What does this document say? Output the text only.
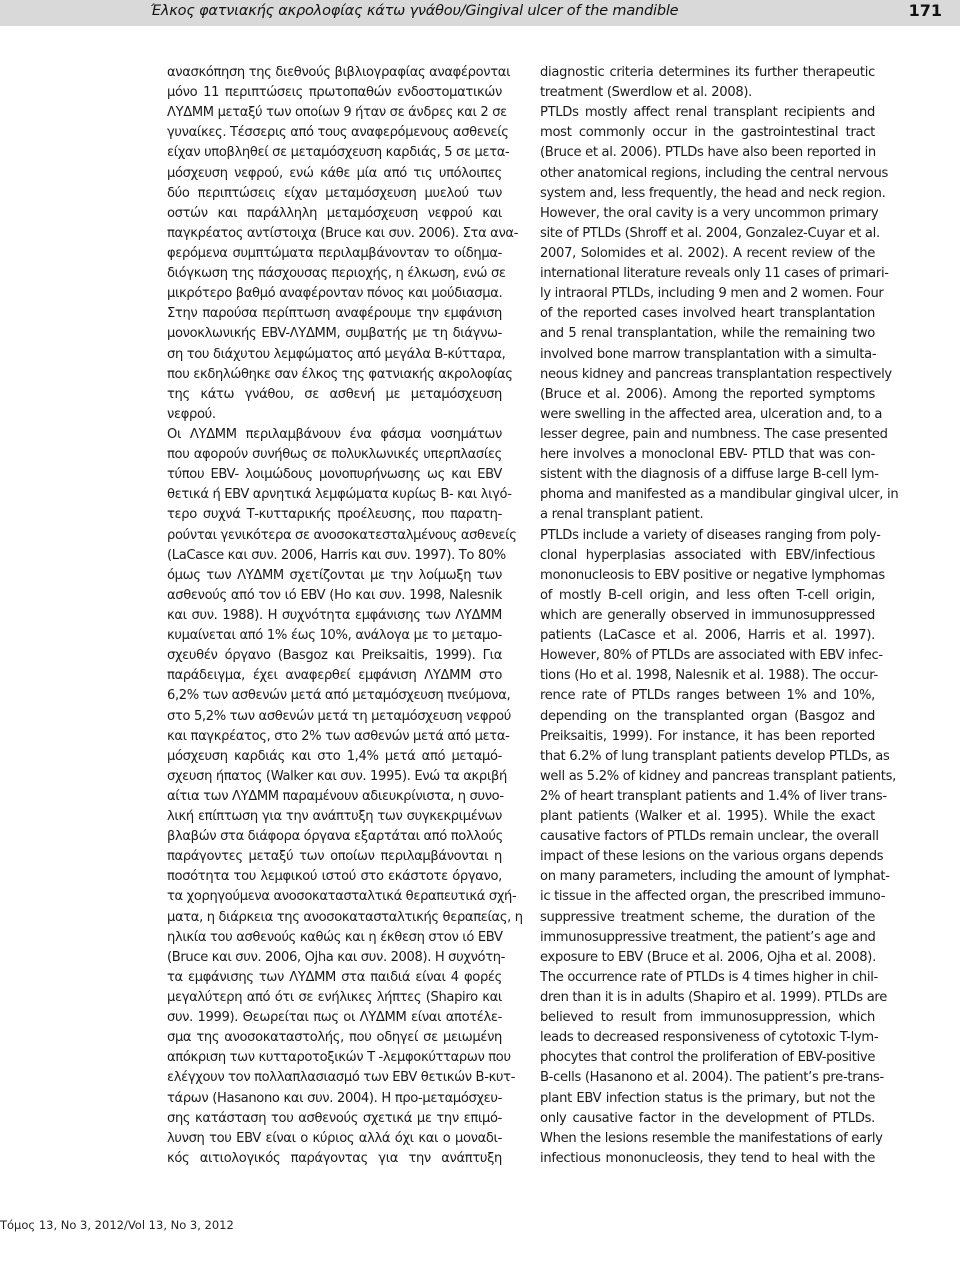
Έλκος φατνιακής ακρολοφίας κάτω γνάθου/Gingival ulcer of the mandible	171
ανασκόπηση της διεθνούς βιβλιογραφίας αναφέρονται
μόνο 11 περιπτώσεις πρωτοπαθών ενδοστοματικών
ΛΥΔΜΜ μεταξύ των οποίων 9 ήταν σε άνδρες και 2 σε
γυναίκες. Τέσσερις από τους αναφερόμενους ασθενείς
είχαν υποβληθεί σε μεταμόσχευση καρδιάς, 5 σε μετα-
μόσχευση νεφρού, ενώ κάθε μία από τις υπόλοιπες
δύο περιπτώσεις είχαν μεταμόσχευση μυελού των
οστών και παράλληλη μεταμόσχευση νεφρού και
παγκρέατος αντίστοιχα (Bruce και συν. 2006). Στα ανα-
φερόμενα συμπτώματα περιλαμβάνονταν το οίδημα-
διόγκωση της πάσχουσας περιοχής, η έλκωση, ενώ σε
μικρότερο βαθμό αναφέρονταν πόνος και μούδιασμα.
Στην παρούσα περίπτωση αναφέρουμε την εμφάνιση
μονοκλωνικής EBV-ΛΥΔΜΜ, συμβατής με τη διάγνω-
ση του διάχυτου λεμφώματος από μεγάλα Β-κύτταρα,
που εκδηλώθηκε σαν έλκος της φατνιακής ακρολοφίας
της κάτω γνάθου, σε ασθενή με μεταμόσχευση
νεφρού.
Οι ΛΥΔΜΜ περιλαμβάνουν ένα φάσμα νοσημάτων
που αφορούν συνήθως σε πολυκλωνικές υπερπλασίες
τύπου EBV- λοιμώδους μονοπυρήνωσης ως και EBV
θετικά ή EBV αρνητικά λεμφώματα κυρίως Β- και λιγό-
τερο συχνά Τ-κυτταρικής προέλευσης, που παρατη-
ρούνται γενικότερα σε ανοσοκατεσταλμένους ασθενείς
(LaCasce και συν. 2006, Harris και συν. 1997). Το 80%
όμως των ΛΥΔΜΜ σχετίζονται με την λοίμωξη των
ασθενούς από τον ιό EBV (Ho και συν. 1998, Nalesnik
και συν. 1988). Η συχνότητα εμφάνισης των ΛΥΔΜΜ
κυμαίνεται από 1% έως 10%, ανάλογα με το μεταμο-
σχευθέν όργανο (Basgoz και Preiksaitis, 1999). Για
παράδειγμα, έχει αναφερθεί εμφάνιση ΛΥΔΜΜ στο
6,2% των ασθενών μετά από μεταμόσχευση πνεύμονα,
στο 5,2% των ασθενών μετά τη μεταμόσχευση νεφρού
και παγκρέατος, στο 2% των ασθενών μετά από μετα-
μόσχευση καρδιάς και στο 1,4% μετά από μεταμό-
σχευση ήπατος (Walker και συν. 1995). Ενώ τα ακριβή
αίτια των ΛΥΔΜΜ παραμένουν αδιευκρίνιστα, η συνο-
λική επίπτωση για την ανάπτυξη των συγκεκριμένων
βλαβών στα διάφορα όργανα εξαρτάται από πολλούς
παράγοντες μεταξύ των οποίων περιλαμβάνονται η
ποσότητα του λεμφικού ιστού στο εκάστοτε όργανο,
τα χορηγούμενα ανοσοκατασταλτικά θεραπευτικά σχή-
ματα, η διάρκεια της ανοσοκατασταλτικής θεραπείας, η
ηλικία του ασθενούς καθώς και η έκθεση στον ιό EBV
(Bruce και συν. 2006, Ojha και συν. 2008). Η συχνότη-
τα εμφάνισης των ΛΥΔΜΜ στα παιδιά είναι 4 φορές
μεγαλύτερη από ότι σε ενήλικες λήπτες (Shapiro και
συν. 1999). Θεωρείται πως οι ΛΥΔΜΜ είναι αποτέλε-
σμα της ανοσοκαταστολής, που οδηγεί σε μειωμένη
απόκριση των κυτταροτοξικών Τ -λεμφοκύτταρων που
ελέγχουν τον πολλαπλασιασμό των EBV θετικών Β-κυτ-
τάρων (Hasanono και συν. 2004). Η προ-μεταμόσχευ-
σης κατάσταση του ασθενούς σχετικά με την επιμό-
λυνση του EBV είναι ο κύριος αλλά όχι και ο μοναδι-
κός αιτιολογικός παράγοντας για την ανάπτυξη
diagnostic criteria determines its further therapeutic
treatment (Swerdlow et al. 2008).
PTLDs mostly affect renal transplant recipients and
most commonly occur in the gastrointestinal tract
(Bruce et al. 2006). PTLDs have also been reported in
other anatomical regions, including the central nervous
system and, less frequently, the head and neck region.
However, the oral cavity is a very uncommon primary
site of PTLDs (Shroff et al. 2004, Gonzalez-Cuyar et al.
2007, Solomides et al. 2002). A recent review of the
international literature reveals only 11 cases of primari-
ly intraoral PTLDs, including 9 men and 2 women. Four
of the reported cases involved heart transplantation
and 5 renal transplantation, while the remaining two
involved bone marrow transplantation with a simulta-
neous kidney and pancreas transplantation respectively
(Bruce et al. 2006). Among the reported symptoms
were swelling in the affected area, ulceration and, to a
lesser degree, pain and numbness. The case presented
here involves a monoclonal EBV- PTLD that was con-
sistent with the diagnosis of a diffuse large B-cell lym-
phoma and manifested as a mandibular gingival ulcer, in
a renal transplant patient.
PTLDs include a variety of diseases ranging from poly-
clonal hyperplasias associated with EBV/infectious
mononucleosis to EBV positive or negative lymphomas
of mostly B-cell origin, and less often T-cell origin,
which are generally observed in immunosuppressed
patients (LaCasce et al. 2006, Harris et al. 1997).
However, 80% of PTLDs are associated with EBV infec-
tions (Ho et al. 1998, Nalesnik et al. 1988). The occur-
rence rate of PTLDs ranges between 1% and 10%,
depending on the transplanted organ (Basgoz and
Preiksaitis, 1999). For instance, it has been reported
that 6.2% of lung transplant patients develop PTLDs, as
well as 5.2% of kidney and pancreas transplant patients,
2% of heart transplant patients and 1.4% of liver trans-
plant patients (Walker et al. 1995). While the exact
causative factors of PTLDs remain unclear, the overall
impact of these lesions on the various organs depends
on many parameters, including the amount of lymphat-
ic tissue in the affected organ, the prescribed immuno-
suppressive treatment scheme, the duration of the
immunosuppressive treatment, the patient’s age and
exposure to EBV (Bruce et al. 2006, Ojha et al. 2008).
The occurrence rate of PTLDs is 4 times higher in chil-
dren than it is in adults (Shapiro et al. 1999). PTLDs are
believed to result from immunosuppression, which
leads to decreased responsiveness of cytotoxic T-lym-
phocytes that control the proliferation of EBV-positive
B-cells (Hasanono et al. 2004). The patient’s pre-trans-
plant EBV infection status is the primary, but not the
only causative factor in the development of PTLDs.
When the lesions resemble the manifestations of early
infectious mononucleosis, they tend to heal with the
Τόμος 13, No 3, 2012/Vol 13, No 3, 2012
